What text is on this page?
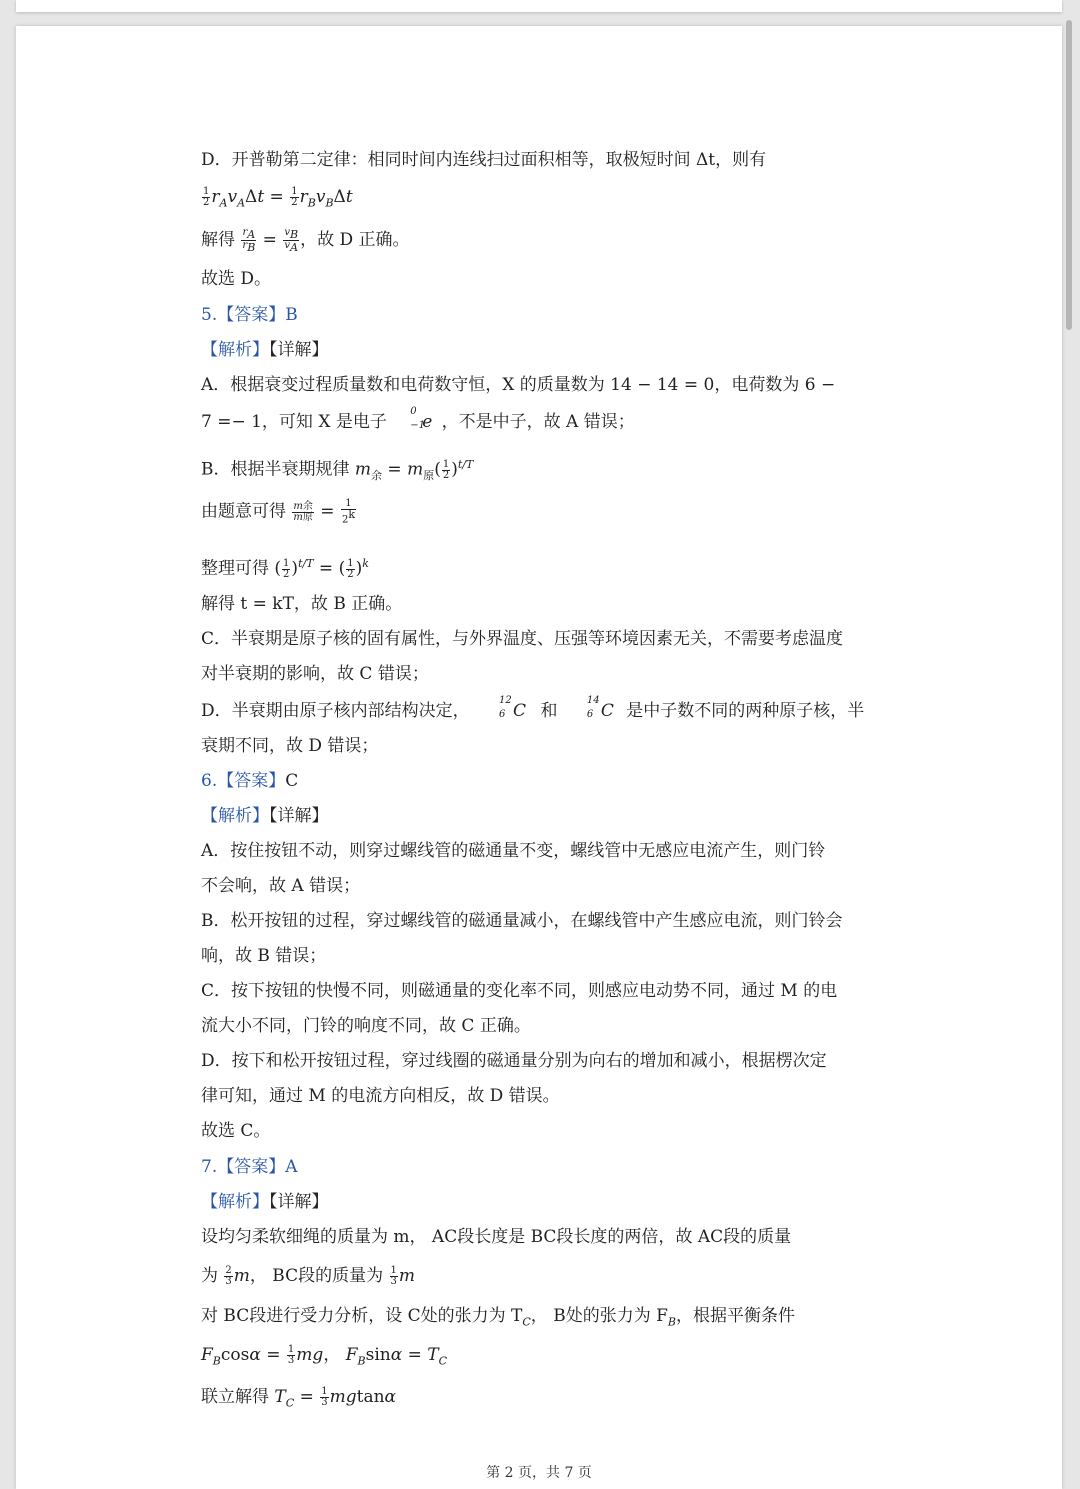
D．开普勒第二定律：相同时间内连线扫过面积相等，取极短时间 Δt，则有
$\frac{1}{2} r_Av_A\Delta t = \frac{1}{2} r_Bv_B\Delta t$
解得 $\frac{r_A}{r_B} = \frac{v_B}{v_A}$ ，故 D 正确。
故选 D。
5.【答案】B
【解析】【详解】
A．根据衰变过程质量数和电荷数守恒，X 的质量数为 14 − 14 = 0，电荷数为 6 −
7 =− 1，可知 X 是电子
0
−1
e ，不是中子，故 A 错误；
B．根据半衰期规律 $m_余 = m_原( \frac{1}{2} )^{t/T}$
由题意可得 $\frac{\text{m余}}{\text{m原}} = \frac{1}{2^k}$
整理可得 ( $\frac{1}{2} )^{t/T}$ = ( $\frac{1}{2} )^k$
解得 t = kT，故 B 正确。
C．半衰期是原子核的固有属性，与外界温度、压强等环境因素无关，不需要考虑温度
对半衰期的影响，故 C 错误；
D．半衰期由原子核内部结构决定，
12
6 C 和
14
6 C 是中子数不同的两种原子核，半
衰期不同，故 D 错误；
6.【答案】C
【解析】【详解】
A．按住按钮不动，则穿过螺线管的磁通量不变，螺线管中无感应电流产生，则门铃
不会响，故 A 错误；
B．松开按钮的过程，穿过螺线管的磁通量减小，在螺线管中产生感应电流，则门铃会
响，故 B 错误；
C．按下按钮的快慢不同，则磁通量的变化率不同，则感应电动势不同，通过 M 的电
流大小不同，门铃的响度不同，故 C 正确。
D．按下和松开按钮过程，穿过线圈的磁通量分别为向右的增加和减小，根据楞次定
律可知，通过 M 的电流方向相反，故 D 错误。
故选 C。
7.【答案】A
【解析】【详解】
设均匀柔软细绳的质量为 m， AC段长度是 BC段长度的两倍，故 AC段的质量
为 $\frac{2}{3}$ m， BC段的质量为 $\frac{1}{3}$ m
对 BC段进行受力分析，设 C处的张力为 $T_C$， B处的张力为 $F_B$，根据平衡条件
$F_B\cos\alpha = \frac{1}{3}$ mg， $F_B\sin\alpha = T_C$
联立解得 $T_C = \frac{1}{3}$ mgtanα
第 2 页，共 7 页
